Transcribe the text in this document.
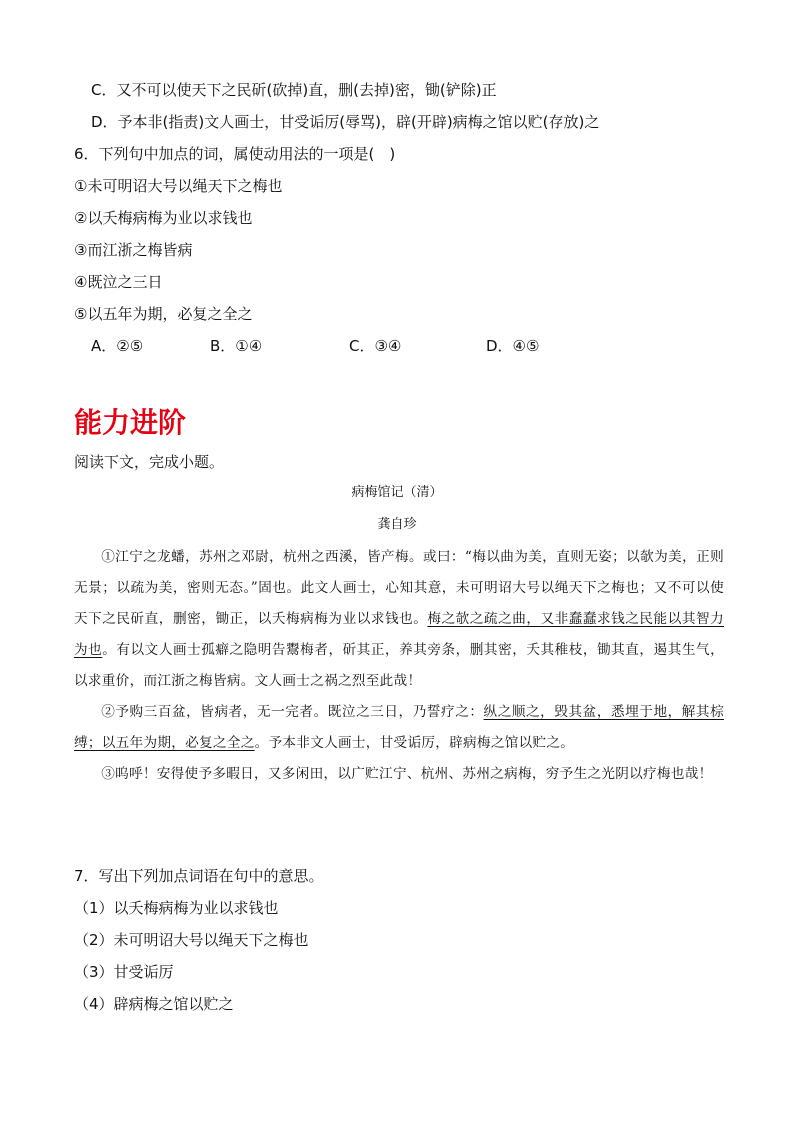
C．又不可以使天下之民斫(砍掉)直，删(去掉)密，锄(铲除)正
D．予本非(指责)文人画士，甘受诟厉(辱骂)，辟(开辟)病梅之馆以贮(存放)之
6．下列句中加点的词，属使动用法的一项是(　)
①未可明诏大号以绳天下之梅也
②以夭梅病梅为业以求钱也
③而江浙之梅皆病
④既泣之三日
⑤以五年为期，必复之全之
A．②⑤	B．①④	C．③④	D．④⑤
能力进阶
阅读下文，完成小题。
病梅馆记（清）
龚自珍

①江宁之龙蟠，苏州之邓尉，杭州之西溪，皆产梅。或曰：“梅以曲为美，直则无姿；以欹为美，正则无景；以疏为美，密则无态。”固也。此文人画士，心知其意，未可明诏大号以绳天下之梅也；又不可以使天下之民斫直，删密，锄正，以夭梅病梅为业以求钱也。梅之欹之疏之曲，又非蠢蠢求钱之民能以其智力为也。有以文人画士孤癖之隐明告鬻梅者，斫其正，养其旁条，删其密，夭其稚枝，锄其直，遏其生气，以求重价，而江浙之梅皆病。文人画士之祸之烈至此哉！

②予购三百盆，皆病者，无一完者。既泣之三日，乃誓疗之：纵之顺之，毁其盆，悉埋于地，解其棕缚；以五年为期，必复之全之。予本非文人画士，甘受诟厉，辟病梅之馆以贮之。

③呜呼！安得使予多暇日，又多闲田，以广贮江宁、杭州、苏州之病梅，穷予生之光阴以疗梅也哉！

7．写出下列加点词语在句中的意思。
（1）以夭梅病梅为业以求钱也
（2）未可明诏大号以绳天下之梅也
（3）甘受诟厉
（4）辟病梅之馆以贮之
